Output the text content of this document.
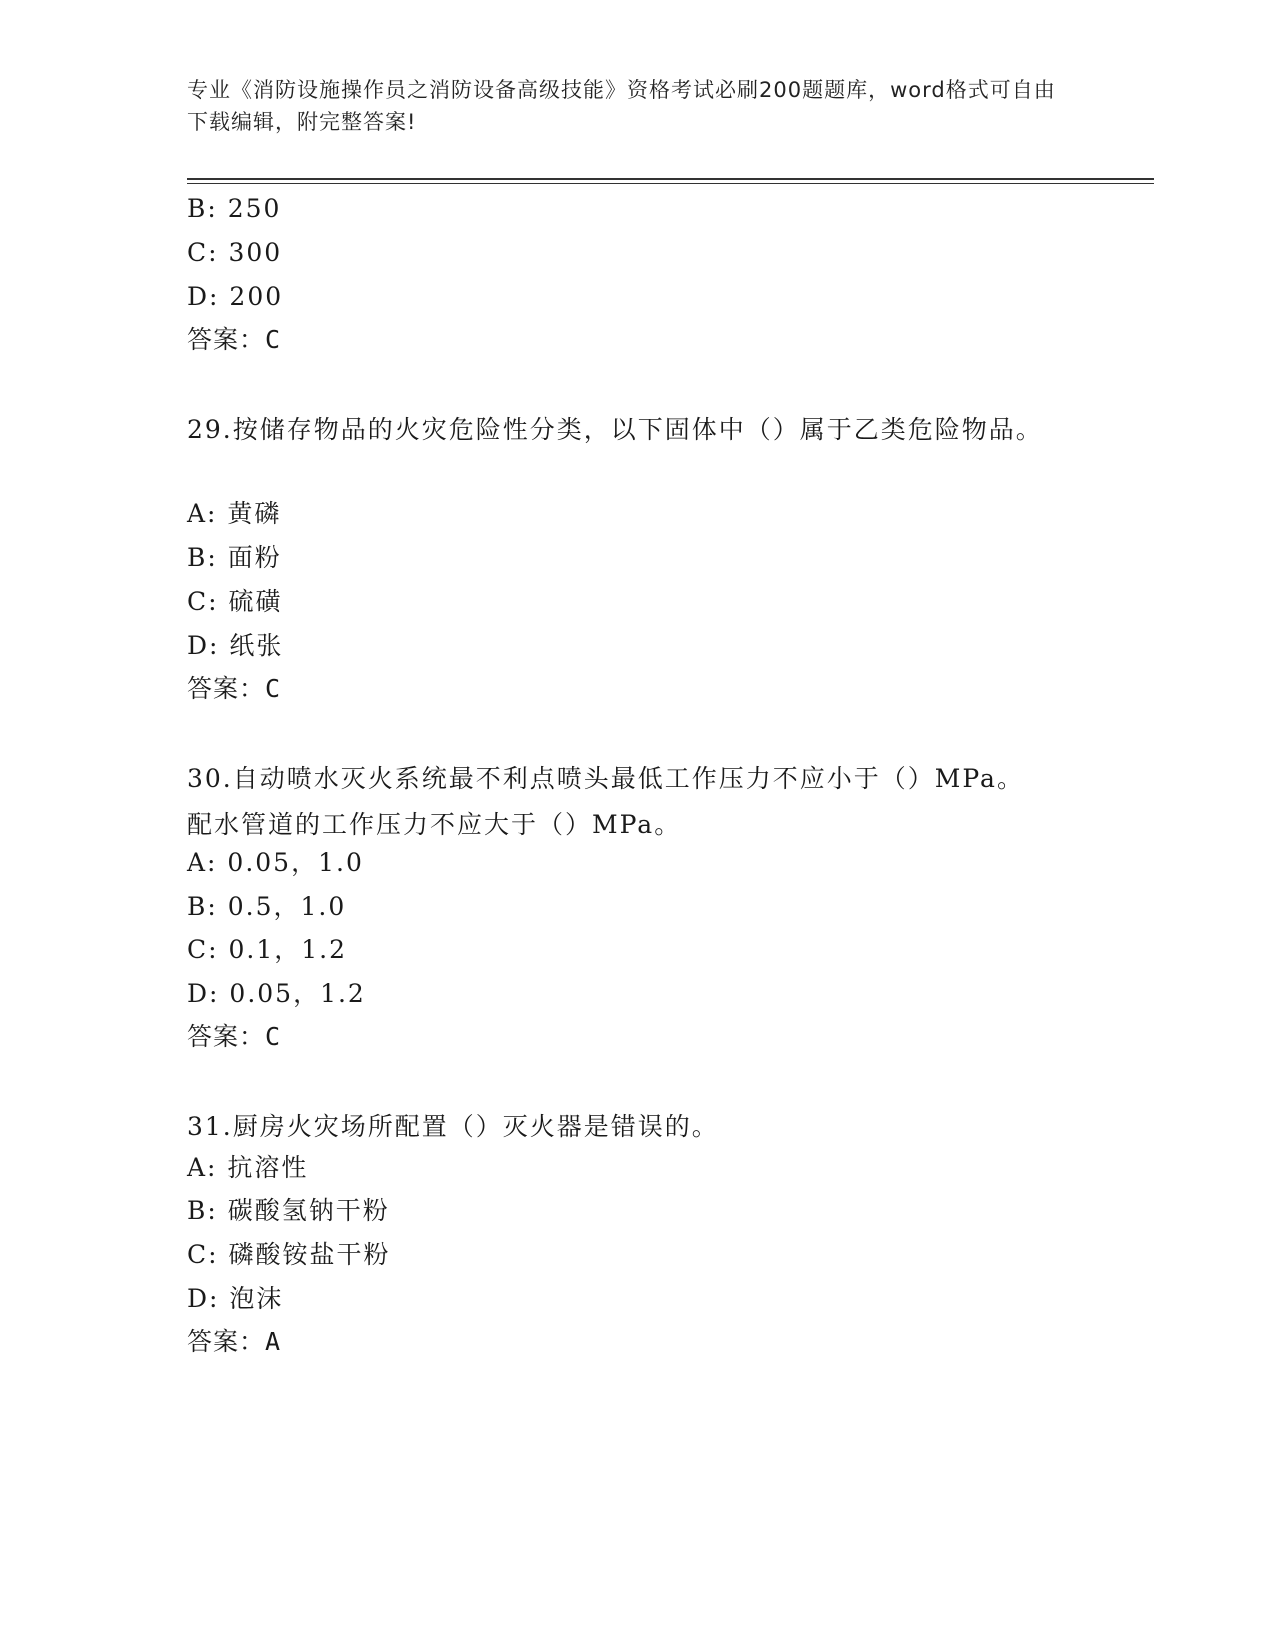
专业《消防设施操作员之消防设备高级技能》资格考试必刷200题题库，word格式可自由下载编辑，附完整答案!
B: 250
C: 300
D: 200
答案：C
29.按储存物品的火灾危险性分类，以下固体中（）属于乙类危险物品。
A: 黄磷
B: 面粉
C: 硫磺
D: 纸张
答案：C
30.自动喷水灭火系统最不利点喷头最低工作压力不应小于（）MPa。配水管道的工作压力不应大于（）MPa。
A: 0.05，1.0
B: 0.5，1.0
C: 0.1，1.2
D: 0.05，1.2
答案：C
31.厨房火灾场所配置（）灭火器是错误的。
A: 抗溶性
B: 碳酸氢钠干粉
C: 磷酸铵盐干粉
D: 泡沫
答案：A
